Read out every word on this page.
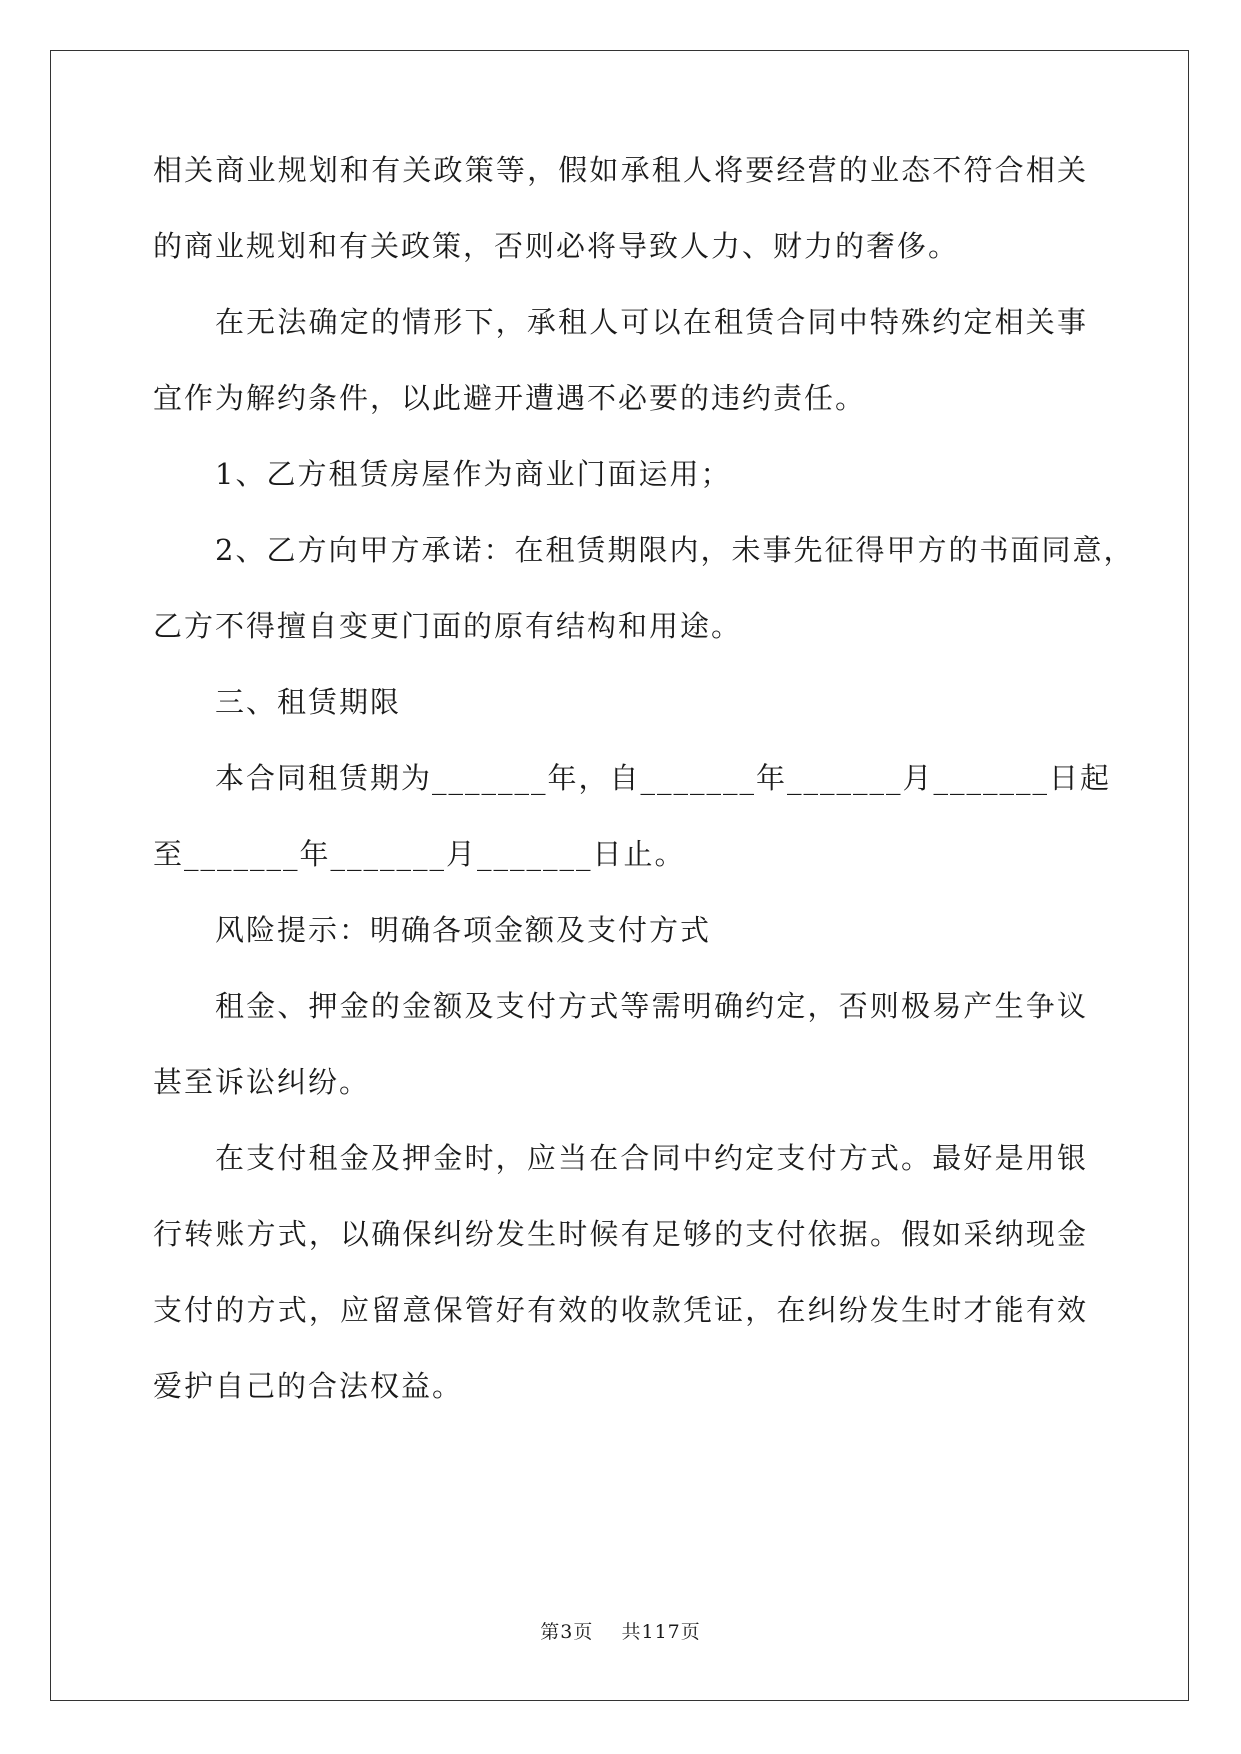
相关商业规划和有关政策等，假如承租人将要经营的业态不符合相关
的商业规划和有关政策，否则必将导致人力、财力的奢侈。
在无法确定的情形下，承租人可以在租赁合同中特殊约定相关事
宜作为解约条件，以此避开遭遇不必要的违约责任。
1、乙方租赁房屋作为商业门面运用；
2、乙方向甲方承诺：在租赁期限内，未事先征得甲方的书面同意，
乙方不得擅自变更门面的原有结构和用途。
三、租赁期限
本合同租赁期为_______年，自_______年_______月_______日起
至_______年_______月_______日止。
风险提示：明确各项金额及支付方式
租金、押金的金额及支付方式等需明确约定，否则极易产生争议
甚至诉讼纠纷。
在支付租金及押金时，应当在合同中约定支付方式。最好是用银
行转账方式，以确保纠纷发生时候有足够的支付依据。假如采纳现金
支付的方式，应留意保管好有效的收款凭证，在纠纷发生时才能有效
爱护自己的合法权益。
第3页 共117页
